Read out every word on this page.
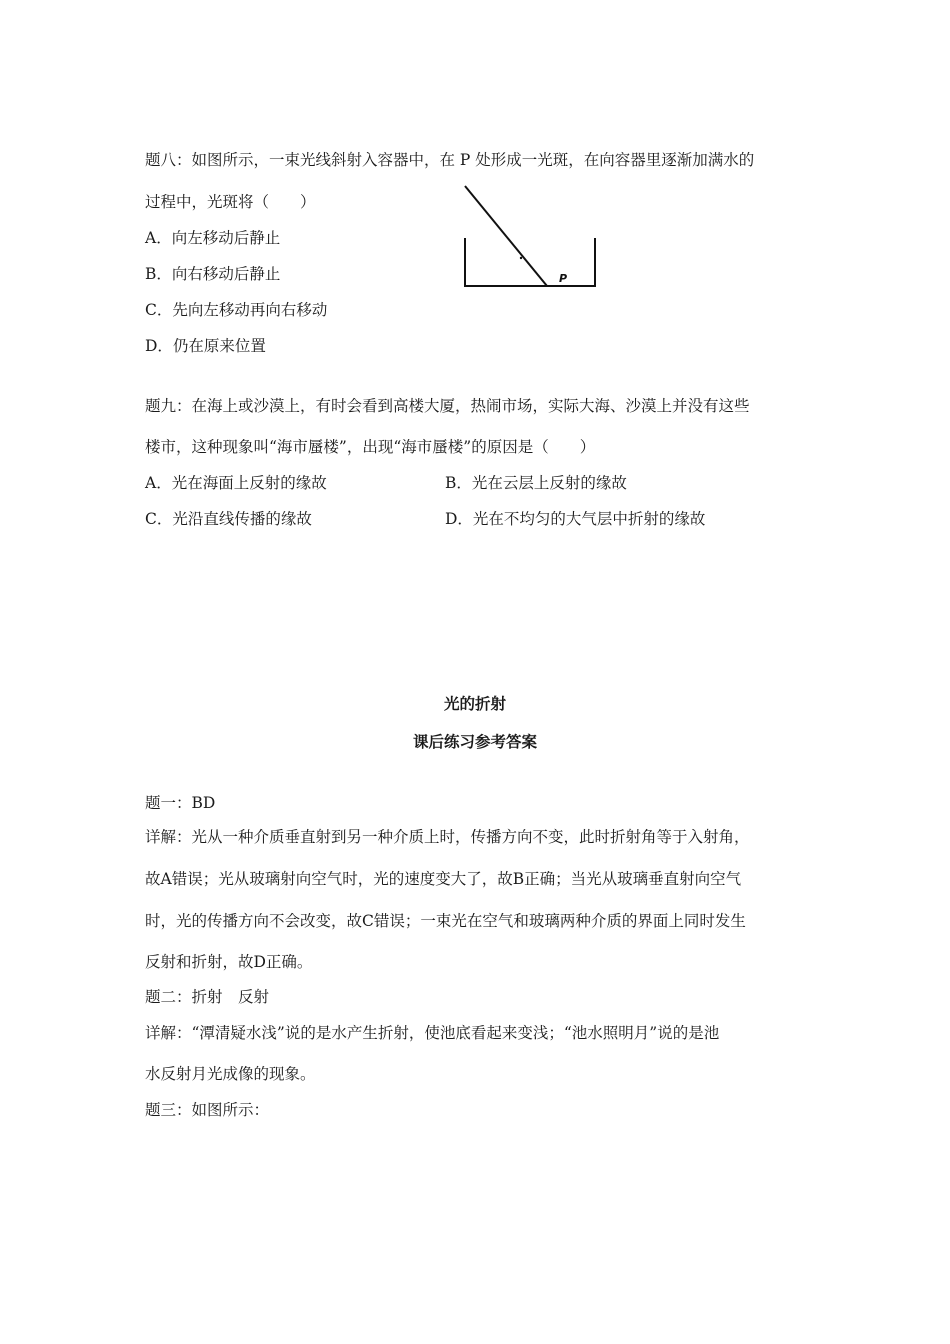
题八：如图所示，一束光线斜射入容器中，在 P 处形成一光斑，在向容器里逐渐加满水的
过程中，光斑将（　　）
A．向左移动后静止
B．向右移动后静止
C．先向左移动再向右移动
D．仍在原来位置
P
题九：在海上或沙漠上，有时会看到高楼大厦，热闹市场，实际大海、沙漠上并没有这些
楼市，这种现象叫“海市蜃楼”，出现“海市蜃楼”的原因是（　　）
A．光在海面上反射的缘故	B．光在云层上反射的缘故
C．光沿直线传播的缘故	D．光在不均匀的大气层中折射的缘故
光的折射
课后练习参考答案
题一：BD
详解：光从一种介质垂直射到另一种介质上时，传播方向不变，此时折射角等于入射角，
故A错误；光从玻璃射向空气时，光的速度变大了，故B正确；当光从玻璃垂直射向空气
时，光的传播方向不会改变，故C错误；一束光在空气和玻璃两种介质的界面上同时发生
反射和折射，故D正确。
题二：折射　反射
详解：“潭清疑水浅”说的是水产生折射，使池底看起来变浅；“池水照明月”说的是池
水反射月光成像的现象。
题三：如图所示：
